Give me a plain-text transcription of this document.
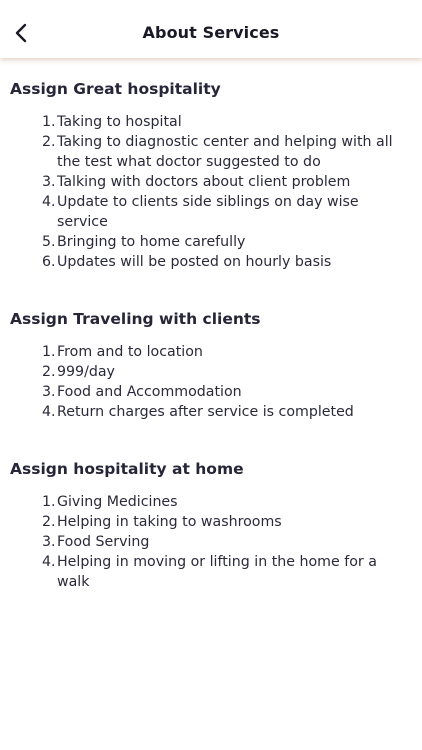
About Services
Assign Great hospitality
1. Taking to hospital
2. Taking to diagnostic center and helping with all the test what doctor suggested to do
3. Talking with doctors about client problem
4. Update to clients side siblings on day wise service
5. Bringing to home carefully
6. Updates will be posted on hourly basis
Assign Traveling with clients
1. From and to location
2. 999/day
3. Food and Accommodation
4. Return charges after service is completed
Assign hospitality at home
1. Giving Medicines
2. Helping in taking to washrooms
3. Food Serving
4. Helping in moving or lifting in the home for a walk
